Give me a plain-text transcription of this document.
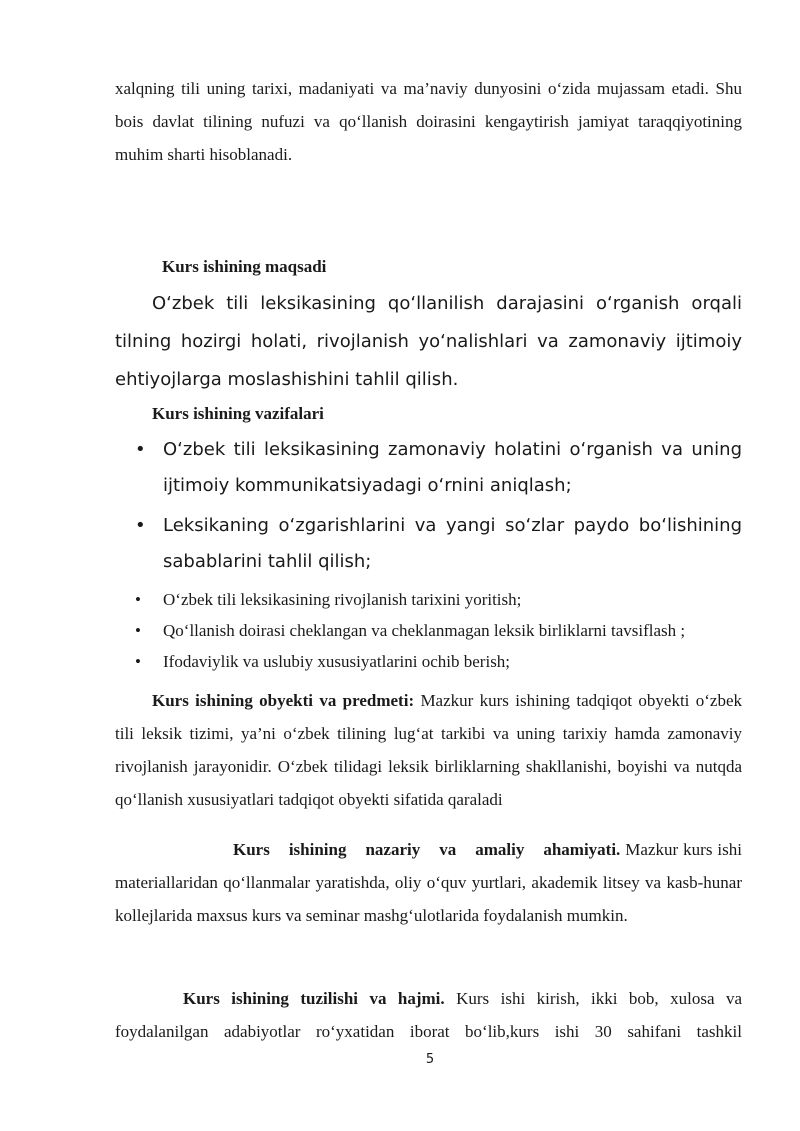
xalqning tili uning tarixi, madaniyati va ma’naviy dunyosini o‘zida mujassam etadi. Shu bois davlat tilining nufuzi va qo‘llanish doirasini kengaytirish jamiyat taraqqiyotining muhim sharti hisoblanadi.

Kurs ishining maqsadi

O‘zbek tili leksikasining qo‘llanilish darajasini o‘rganish orqali tilning hozirgi holati, rivojlanish yo‘nalishlari va zamonaviy ijtimoiy ehtiyojlarga moslashishini tahlil qilish.

Kurs ishining vazifalari

• O‘zbek tili leksikasining zamonaviy holatini o‘rganish va uning ijtimoiy kommunikatsiyadagi o‘rnini aniqlash;
• Leksikaning o‘zgarishlarini va yangi so‘zlar paydo bo‘lishining sabablarini tahlil qilish;
• O‘zbek tili leksikasining rivojlanish tarixini yoritish;
• Qo‘llanish doirasi cheklangan va cheklanmagan leksik birliklarni tavsiflash ;
• Ifodaviylik va uslubiy xususiyatlarini ochib berish;

Kurs ishining obyekti va predmeti: Mazkur kurs ishining tadqiqot obyekti o‘zbek tili leksik tizimi, ya’ni o‘zbek tilining lug‘at tarkibi va uning tarixiy hamda zamonaviy rivojlanish jarayonidir. O‘zbek tilidagi leksik birliklarning shakllanishi, boyishi va nutqda qo‘llanish xususiyatlari tadqiqot obyekti sifatida qaraladi

Kurs ishining nazariy va amaliy ahamiyati. Mazkur kurs ishi materiallaridan qo‘llanmalar yaratishda, oliy o‘quv yurtlari, akademik litsey va kasb-hunar kollejlarida maxsus kurs va seminar mashg‘ulotlarida foydalanish mumkin.

Kurs ishining tuzilishi va hajmi. Kurs ishi kirish, ikki bob, xulosa va foydalanilgan adabiyotlar ro‘yxatidan iborat bo‘lib,kurs ishi 30 sahifani tashkil

5
